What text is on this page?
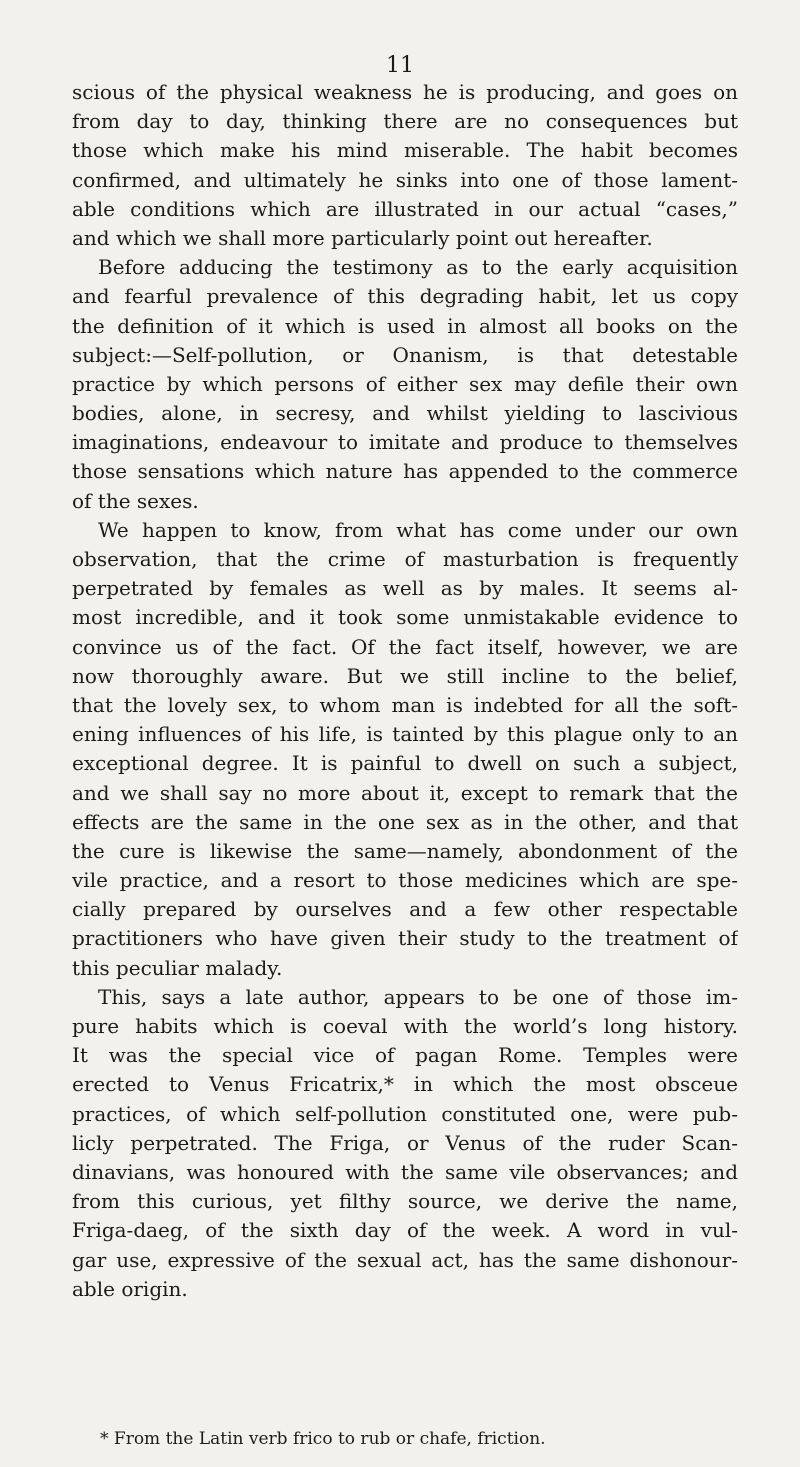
11
scious of the physical weakness he is producing, and goes on
from day to day, thinking there are no consequences but
those which make his mind miserable. The habit becomes
confirmed, and ultimately he sinks into one of those lament-
able conditions which are illustrated in our actual “cases,”
and which we shall more particularly point out hereafter.
Before adducing the testimony as to the early acquisition
and fearful prevalence of this degrading habit, let us copy
the definition of it which is used in almost all books on the
subject:—Self-pollution, or Onanism, is that detestable
practice by which persons of either sex may defile their own
bodies, alone, in secresy, and whilst yielding to lascivious
imaginations, endeavour to imitate and produce to themselves
those sensations which nature has appended to the commerce
of the sexes.
We happen to know, from what has come under our own
observation, that the crime of masturbation is frequently
perpetrated by females as well as by males. It seems al-
most incredible, and it took some unmistakable evidence to
convince us of the fact. Of the fact itself, however, we are
now thoroughly aware. But we still incline to the belief,
that the lovely sex, to whom man is indebted for all the soft-
ening influences of his life, is tainted by this plague only to an
exceptional degree. It is painful to dwell on such a subject,
and we shall say no more about it, except to remark that the
effects are the same in the one sex as in the other, and that
the cure is likewise the same—namely, abondonment of the
vile practice, and a resort to those medicines which are spe-
cially prepared by ourselves and a few other respectable
practitioners who have given their study to the treatment of
this peculiar malady.
This, says a late author, appears to be one of those im-
pure habits which is coeval with the world’s long history.
It was the special vice of pagan Rome. Temples were
erected to Venus Fricatrix,* in which the most obsceue
practices, of which self-pollution constituted one, were pub-
licly perpetrated. The Friga, or Venus of the ruder Scan-
dinavians, was honoured with the same vile observances; and
from this curious, yet filthy source, we derive the name,
Friga-daeg, of the sixth day of the week. A word in vul-
gar use, expressive of the sexual act, has the same dishonour-
able origin.
* From the Latin verb frico to rub or chafe, friction.
